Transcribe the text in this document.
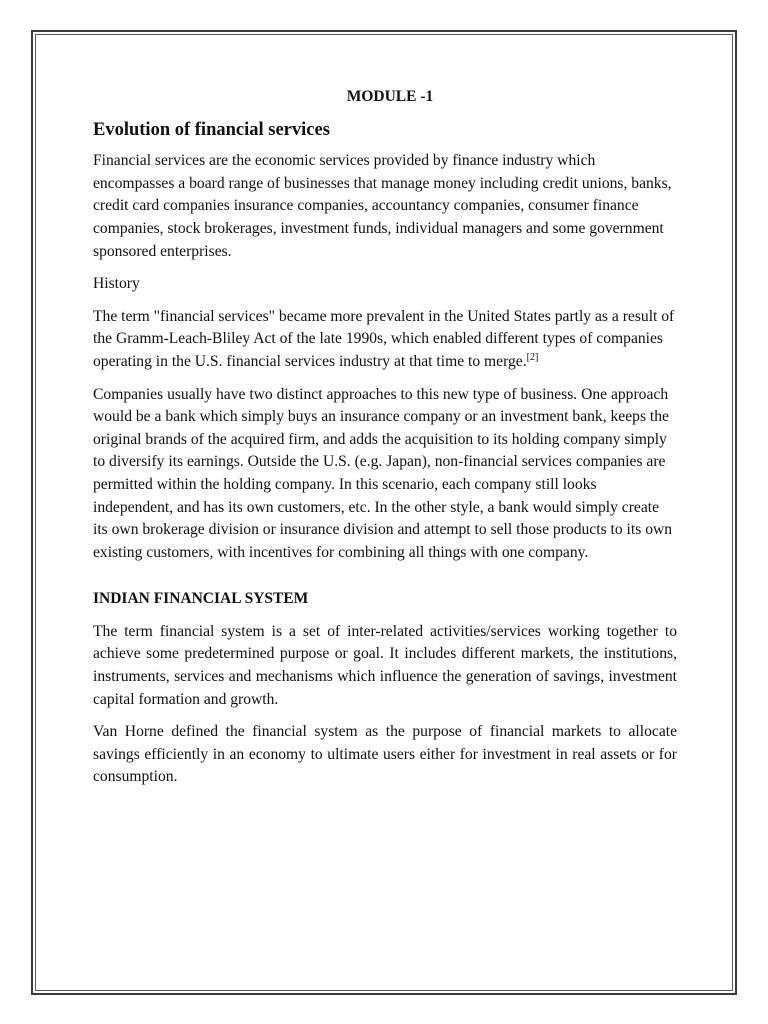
MODULE -1
Evolution of financial services

Financial services are the economic services provided by finance industry which encompasses a board range of businesses that manage money including credit unions, banks, credit card companies insurance companies, accountancy companies, consumer finance companies, stock brokerages, investment funds, individual managers and some government sponsored enterprises.

History

The term "financial services" became more prevalent in the United States partly as a result of the Gramm-Leach-Bliley Act of the late 1990s, which enabled different types of companies operating in the U.S. financial services industry at that time to merge.[2]

Companies usually have two distinct approaches to this new type of business. One approach would be a bank which simply buys an insurance company or an investment bank, keeps the original brands of the acquired firm, and adds the acquisition to its holding company simply to diversify its earnings. Outside the U.S. (e.g. Japan), non-financial services companies are permitted within the holding company. In this scenario, each company still looks independent, and has its own customers, etc. In the other style, a bank would simply create its own brokerage division or insurance division and attempt to sell those products to its own existing customers, with incentives for combining all things with one company.

INDIAN FINANCIAL SYSTEM

The term financial system is a set of inter-related activities/services working together to achieve some predetermined purpose or goal. It includes different markets, the institutions, instruments, services and mechanisms which influence the generation of savings, investment capital formation and growth.

Van Horne defined the financial system as the purpose of financial markets to allocate savings efficiently in an economy to ultimate users either for investment in real assets or for consumption.
